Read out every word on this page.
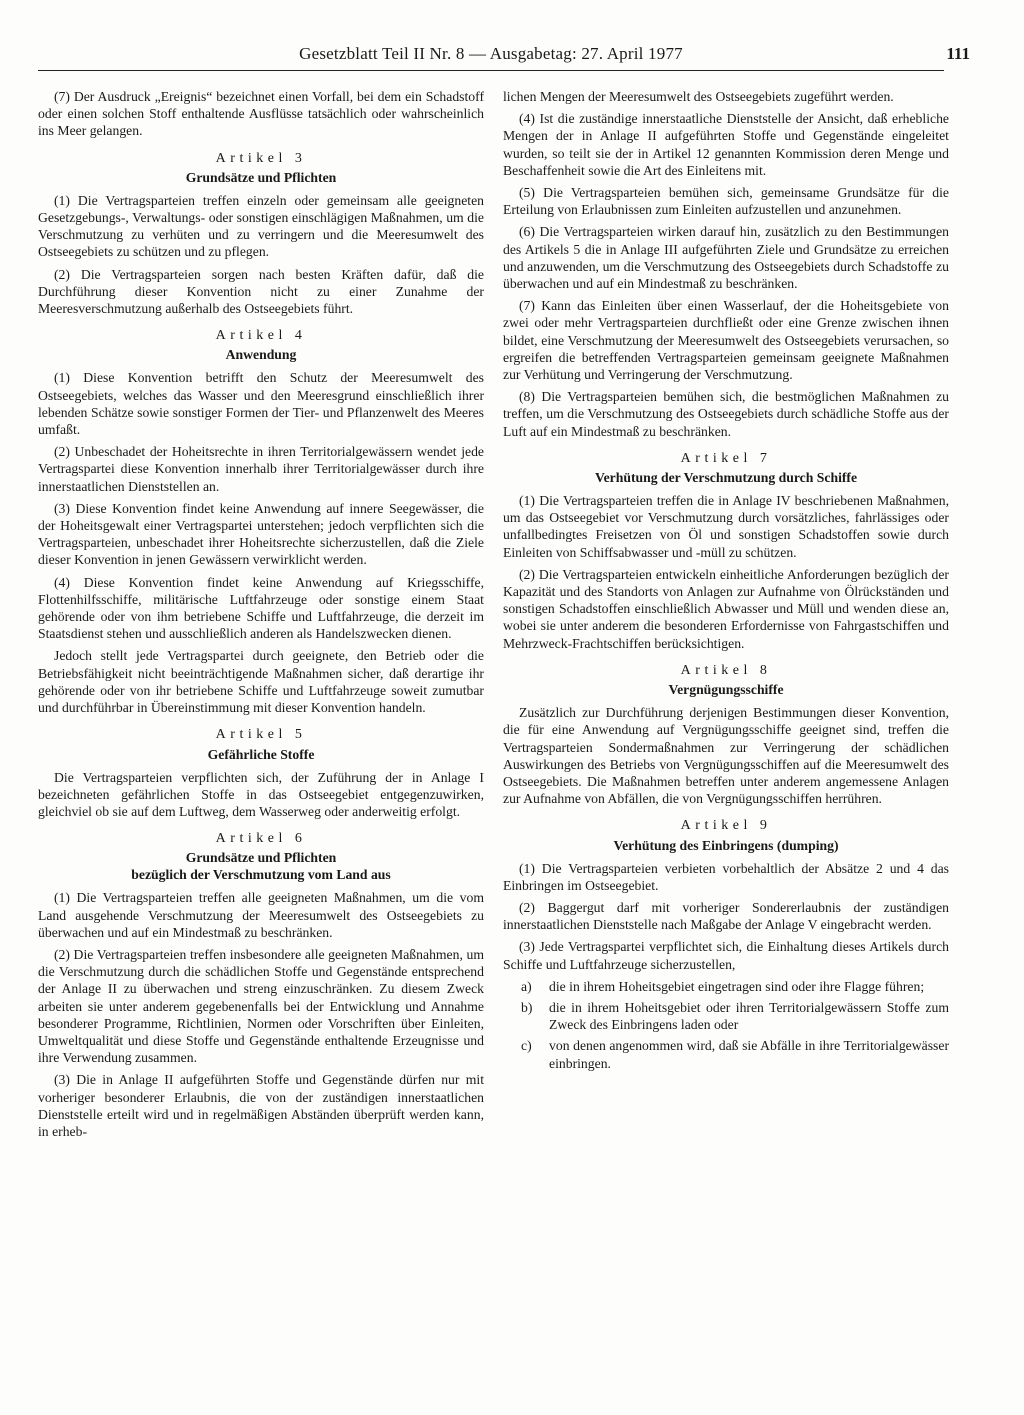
Gesetzblatt Teil II Nr. 8 — Ausgabetag: 27. April 1977	111

(7) Der Ausdruck „Ereignis“ bezeichnet einen Vorfall, bei dem ein Schadstoff oder einen solchen Stoff enthaltende Ausflüsse tatsächlich oder wahrscheinlich ins Meer gelangen.

Artikel 3
Grundsätze und Pflichten

(1) Die Vertragsparteien treffen einzeln oder gemeinsam alle geeigneten Gesetzgebungs-, Verwaltungs- oder sonstigen einschlägigen Maßnahmen, um die Verschmutzung zu verhüten und zu verringern und die Meeresumwelt des Ostseegebiets zu schützen und zu pflegen.

(2) Die Vertragsparteien sorgen nach besten Kräften dafür, daß die Durchführung dieser Konvention nicht zu einer Zunahme der Meeresverschmutzung außerhalb des Ostseegebiets führt.

Artikel 4
Anwendung

(1) Diese Konvention betrifft den Schutz der Meeresumwelt des Ostseegebiets, welches das Wasser und den Meeresgrund einschließlich ihrer lebenden Schätze sowie sonstiger Formen der Tier- und Pflanzenwelt des Meeres umfaßt.

(2) Unbeschadet der Hoheitsrechte in ihren Territorialgewässern wendet jede Vertragspartei diese Konvention innerhalb ihrer Territorialgewässer durch ihre innerstaatlichen Dienststellen an.

(3) Diese Konvention findet keine Anwendung auf innere Seegewässer, die der Hoheitsgewalt einer Vertragspartei unterstehen; jedoch verpflichten sich die Vertragsparteien, unbeschadet ihrer Hoheitsrechte sicherzustellen, daß die Ziele dieser Konvention in jenen Gewässern verwirklicht werden.

(4) Diese Konvention findet keine Anwendung auf Kriegsschiffe, Flottenhilfsschiffe, militärische Luftfahrzeuge oder sonstige einem Staat gehörende oder von ihm betriebene Schiffe und Luftfahrzeuge, die derzeit im Staatsdienst stehen und ausschließlich anderen als Handelszwecken dienen.

Jedoch stellt jede Vertragspartei durch geeignete, den Betrieb oder die Betriebsfähigkeit nicht beeinträchtigende Maßnahmen sicher, daß derartige ihr gehörende oder von ihr betriebene Schiffe und Luftfahrzeuge soweit zumutbar und durchführbar in Übereinstimmung mit dieser Konvention handeln.

Artikel 5
Gefährliche Stoffe

Die Vertragsparteien verpflichten sich, der Zuführung der in Anlage I bezeichneten gefährlichen Stoffe in das Ostseegebiet entgegenzuwirken, gleichviel ob sie auf dem Luftweg, dem Wasserweg oder anderweitig erfolgt.

Artikel 6
Grundsätze und Pflichten
bezüglich der Verschmutzung vom Land aus

(1) Die Vertragsparteien treffen alle geeigneten Maßnahmen, um die vom Land ausgehende Verschmutzung der Meeresumwelt des Ostseegebiets zu überwachen und auf ein Mindestmaß zu beschränken.

(2) Die Vertragsparteien treffen insbesondere alle geeigneten Maßnahmen, um die Verschmutzung durch die schädlichen Stoffe und Gegenstände entsprechend der Anlage II zu überwachen und streng einzuschränken. Zu diesem Zweck arbeiten sie unter anderem gegebenenfalls bei der Entwicklung und Annahme besonderer Programme, Richtlinien, Normen oder Vorschriften über Einleiten, Umweltqualität und diese Stoffe und Gegenstände enthaltende Erzeugnisse und ihre Verwendung zusammen.

(3) Die in Anlage II aufgeführten Stoffe und Gegenstände dürfen nur mit vorheriger besonderer Erlaubnis, die von der zuständigen innerstaatlichen Dienststelle erteilt wird und in regelmäßigen Abständen überprüft werden kann, in erheb-

lichen Mengen der Meeresumwelt des Ostseegebiets zugeführt werden.

(4) Ist die zuständige innerstaatliche Dienststelle der Ansicht, daß erhebliche Mengen der in Anlage II aufgeführten Stoffe und Gegenstände eingeleitet wurden, so teilt sie der in Artikel 12 genannten Kommission deren Menge und Beschaffenheit sowie die Art des Einleitens mit.

(5) Die Vertragsparteien bemühen sich, gemeinsame Grundsätze für die Erteilung von Erlaubnissen zum Einleiten aufzustellen und anzunehmen.

(6) Die Vertragsparteien wirken darauf hin, zusätzlich zu den Bestimmungen des Artikels 5 die in Anlage III aufgeführten Ziele und Grundsätze zu erreichen und anzuwenden, um die Verschmutzung des Ostseegebiets durch Schadstoffe zu überwachen und auf ein Mindestmaß zu beschränken.

(7) Kann das Einleiten über einen Wasserlauf, der die Hoheitsgebiete von zwei oder mehr Vertragsparteien durchfließt oder eine Grenze zwischen ihnen bildet, eine Verschmutzung der Meeresumwelt des Ostseegebiets verursachen, so ergreifen die betreffenden Vertragsparteien gemeinsam geeignete Maßnahmen zur Verhütung und Verringerung der Verschmutzung.

(8) Die Vertragsparteien bemühen sich, die bestmöglichen Maßnahmen zu treffen, um die Verschmutzung des Ostseegebiets durch schädliche Stoffe aus der Luft auf ein Mindestmaß zu beschränken.

Artikel 7
Verhütung der Verschmutzung durch Schiffe

(1) Die Vertragsparteien treffen die in Anlage IV beschriebenen Maßnahmen, um das Ostseegebiet vor Verschmutzung durch vorsätzliches, fahrlässiges oder unfallbedingtes Freisetzen von Öl und sonstigen Schadstoffen sowie durch Einleiten von Schiffsabwasser und -müll zu schützen.

(2) Die Vertragsparteien entwickeln einheitliche Anforderungen bezüglich der Kapazität und des Standorts von Anlagen zur Aufnahme von Ölrückständen und sonstigen Schadstoffen einschließlich Abwasser und Müll und wenden diese an, wobei sie unter anderem die besonderen Erfordernisse von Fahrgastschiffen und Mehrzweck-Frachtschiffen berücksichtigen.

Artikel 8
Vergnügungsschiffe

Zusätzlich zur Durchführung derjenigen Bestimmungen dieser Konvention, die für eine Anwendung auf Vergnügungsschiffe geeignet sind, treffen die Vertragsparteien Sondermaßnahmen zur Verringerung der schädlichen Auswirkungen des Betriebs von Vergnügungsschiffen auf die Meeresumwelt des Ostseegebiets. Die Maßnahmen betreffen unter anderem angemessene Anlagen zur Aufnahme von Abfällen, die von Vergnügungsschiffen herrühren.

Artikel 9
Verhütung des Einbringens (dumping)

(1) Die Vertragsparteien verbieten vorbehaltlich der Absätze 2 und 4 das Einbringen im Ostseegebiet.

(2) Baggergut darf mit vorheriger Sondererlaubnis der zuständigen innerstaatlichen Dienststelle nach Maßgabe der Anlage V eingebracht werden.

(3) Jede Vertragspartei verpflichtet sich, die Einhaltung dieses Artikels durch Schiffe und Luftfahrzeuge sicherzustellen,

a)	die in ihrem Hoheitsgebiet eingetragen sind oder ihre Flagge führen;
b)	die in ihrem Hoheitsgebiet oder ihren Territorialgewässern Stoffe zum Zweck des Einbringens laden oder
c)	von denen angenommen wird, daß sie Abfälle in ihre Territorialgewässer einbringen.
